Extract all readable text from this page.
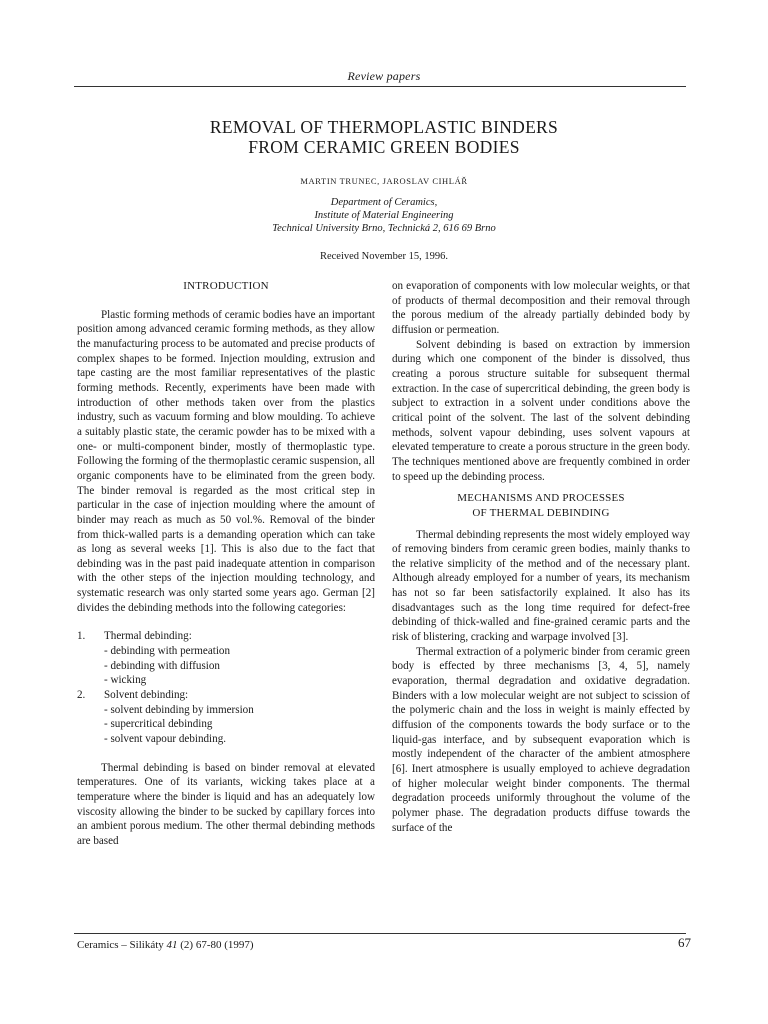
Review papers
REMOVAL OF THERMOPLASTIC BINDERS
FROM CERAMIC GREEN BODIES
MARTIN TRUNEC, JAROSLAV CIHLÁŘ
Department of Ceramics,
Institute of Material Engineering
Technical University Brno, Technická 2, 616 69 Brno
Received November 15, 1996.
INTRODUCTION

Plastic forming methods of ceramic bodies have an important position among advanced ceramic forming methods, as they allow the manufacturing process to be automated and precise products of complex shapes to be formed. Injection moulding, extrusion and tape casting are the most familiar representatives of the plastic forming methods. Recently, experiments have been made with introduction of other methods taken over from the plastics industry, such as vacuum forming and blow moulding. To achieve a suitably plastic state, the ceramic powder has to be mixed with a one- or multi-component binder, mostly of thermoplastic type. Following the forming of the thermoplastic ceramic suspension, all organic components have to be eliminated from the green body. The binder removal is regarded as the most critical step in particular in the case of injection moulding where the amount of binder may reach as much as 50 vol.%. Removal of the binder from thick-walled parts is a demanding operation which can take as long as several weeks [1]. This is also due to the fact that debinding was in the past paid inadequate attention in comparison with the other steps of the injection moulding technology, and systematic research was only started some years ago. German [2] divides the debinding methods into the following categories:

1. Thermal debinding:
- debinding with permeation
- debinding with diffusion
- wicking
2. Solvent debinding:
- solvent debinding by immersion
- supercritical debinding
- solvent vapour debinding.

Thermal debinding is based on binder removal at elevated temperatures. One of its variants, wicking takes place at a temperature where the binder is liquid and has an adequately low viscosity allowing the binder to be sucked by capillary forces into an ambient porous medium. The other thermal debinding methods are based

on evaporation of components with low molecular weights, or that of products of thermal decomposition and their removal through the porous medium of the already partially debinded body by diffusion or permeation.

Solvent debinding is based on extraction by immersion during which one component of the binder is dissolved, thus creating a porous structure suitable for subsequent thermal extraction. In the case of supercritical debinding, the green body is subject to extraction in a solvent under conditions above the critical point of the solvent. The last of the solvent debinding methods, solvent vapour debinding, uses solvent vapours at elevated temperature to create a porous structure in the green body. The techniques mentioned above are frequently combined in order to speed up the debinding process.

MECHANISMS AND PROCESSES
OF THERMAL DEBINDING

Thermal debinding represents the most widely employed way of removing binders from ceramic green bodies, mainly thanks to the relative simplicity of the method and of the necessary plant. Although already employed for a number of years, its mechanism has not so far been satisfactorily explained. It also has its disadvantages such as the long time required for defect-free debinding of thick-walled and fine-grained ceramic parts and the risk of blistering, cracking and warpage involved [3].

Thermal extraction of a polymeric binder from ceramic green body is effected by three mechanisms [3, 4, 5], namely evaporation, thermal degradation and oxidative degradation. Binders with a low molecular weight are not subject to scission of the polymeric chain and the loss in weight is mainly effected by diffusion of the components towards the body surface or to the liquid-gas interface, and by subsequent evaporation which is mostly independent of the character of the ambient atmosphere [6]. Inert atmosphere is usually employed to achieve degradation of higher molecular weight binder components. The thermal degradation proceeds uniformly throughout the volume of the polymer phase. The degradation products diffuse towards the surface of the

Ceramics – Silikáty 41 (2) 67-80 (1997)	67
